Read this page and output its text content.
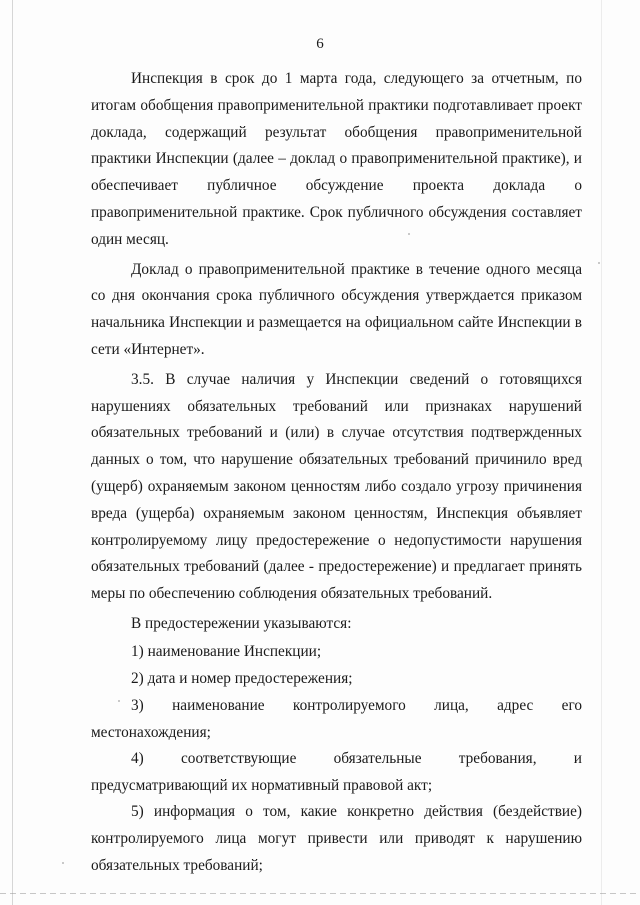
6

Инспекция в срок до 1 марта года, следующего за отчетным, по итогам обобщения правоприменительной практики подготавливает проект доклада, содержащий результат обобщения правоприменительной практики Инспекции (далее – доклад о правоприменительной практике), и обеспечивает публичное обсуждение проекта доклада о правоприменительной практике. Срок публичного обсуждения составляет один месяц.

Доклад о правоприменительной практике в течение одного месяца со дня окончания срока публичного обсуждения утверждается приказом начальника Инспекции и размещается на официальном сайте Инспекции в сети «Интернет».

3.5. В случае наличия у Инспекции сведений о готовящихся нарушениях обязательных требований или признаках нарушений обязательных требований и (или) в случае отсутствия подтвержденных данных о том, что нарушение обязательных требований причинило вред (ущерб) охраняемым законом ценностям либо создало угрозу причинения вреда (ущерба) охраняемым законом ценностям, Инспекция объявляет контролируемому лицу предостережение о недопустимости нарушения обязательных требований (далее - предостережение) и предлагает принять меры по обеспечению соблюдения обязательных требований.

В предостережении указываются:

1) наименование Инспекции;

2) дата и номер предостережения;

3) наименование контролируемого лица, адрес его местонахождения;

4) соответствующие обязательные требования, и предусматривающий их нормативный правовой акт;

5) информация о том, какие конкретно действия (бездействие) контролируемого лица могут привести или приводят к нарушению обязательных требований;
